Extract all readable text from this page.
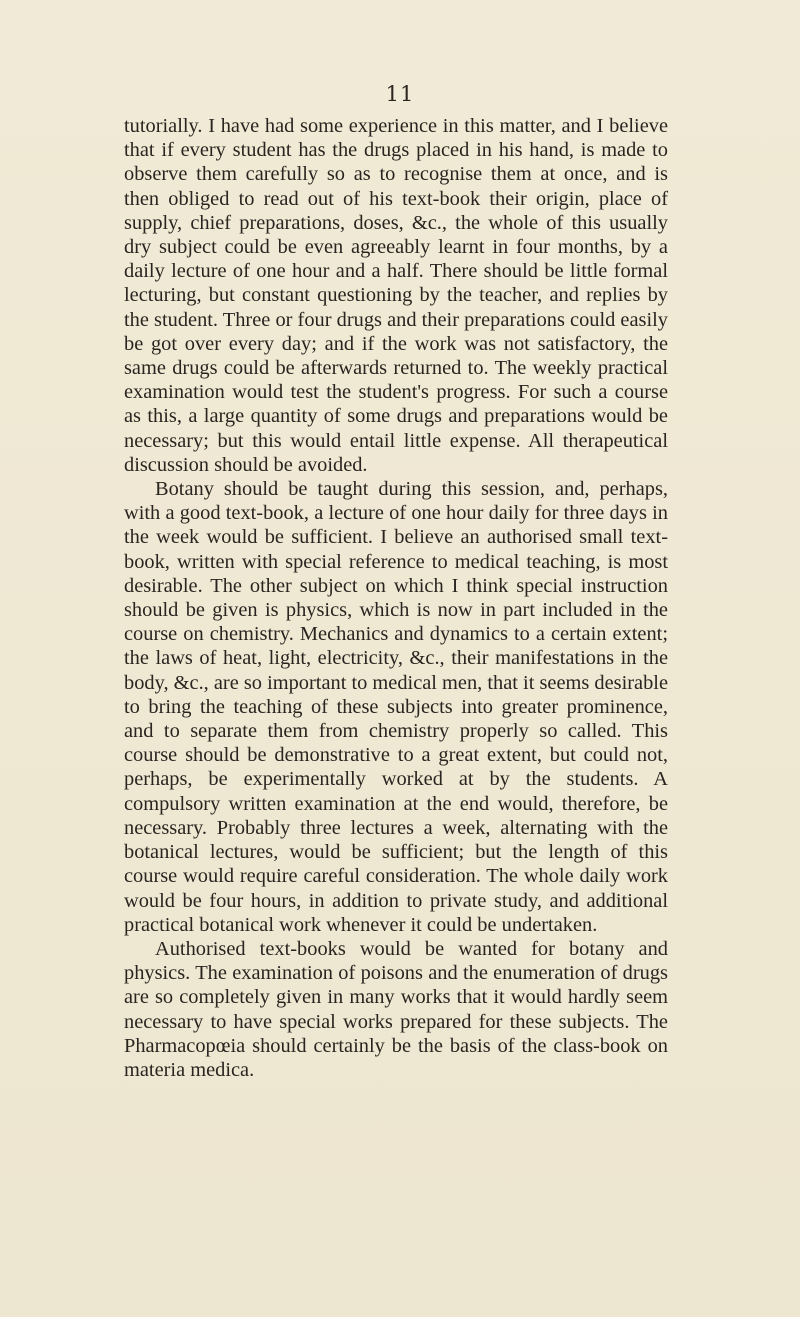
11

tutorially. I have had some experience in this matter, and I believe that if every student has the drugs placed in his hand, is made to observe them carefully so as to recognise them at once, and is then obliged to read out of his text-book their origin, place of supply, chief preparations, doses, &c., the whole of this usually dry subject could be even agreeably learnt in four months, by a daily lecture of one hour and a half. There should be little formal lecturing, but constant questioning by the teacher, and replies by the student. Three or four drugs and their preparations could easily be got over every day; and if the work was not satisfactory, the same drugs could be afterwards returned to. The weekly practical examination would test the student's progress. For such a course as this, a large quantity of some drugs and preparations would be necessary; but this would entail little expense. All therapeutical discussion should be avoided.

Botany should be taught during this session, and, perhaps, with a good text-book, a lecture of one hour daily for three days in the week would be sufficient. I believe an authorised small text-book, written with special reference to medical teaching, is most desirable. The other subject on which I think special instruction should be given is physics, which is now in part included in the course on chemistry. Mechanics and dynamics to a certain extent; the laws of heat, light, electricity, &c., their manifestations in the body, &c., are so important to medical men, that it seems desirable to bring the teaching of these subjects into greater prominence, and to separate them from chemistry properly so called. This course should be demonstrative to a great extent, but could not, perhaps, be experimentally worked at by the students. A compulsory written examination at the end would, therefore, be necessary. Probably three lectures a week, alternating with the botanical lectures, would be sufficient; but the length of this course would require careful consideration. The whole daily work would be four hours, in addition to private study, and additional practical botanical work whenever it could be undertaken.

Authorised text-books would be wanted for botany and physics. The examination of poisons and the enumeration of drugs are so completely given in many works that it would hardly seem necessary to have special works prepared for these subjects. The Pharmacopœia should certainly be the basis of the class-book on materia medica.
